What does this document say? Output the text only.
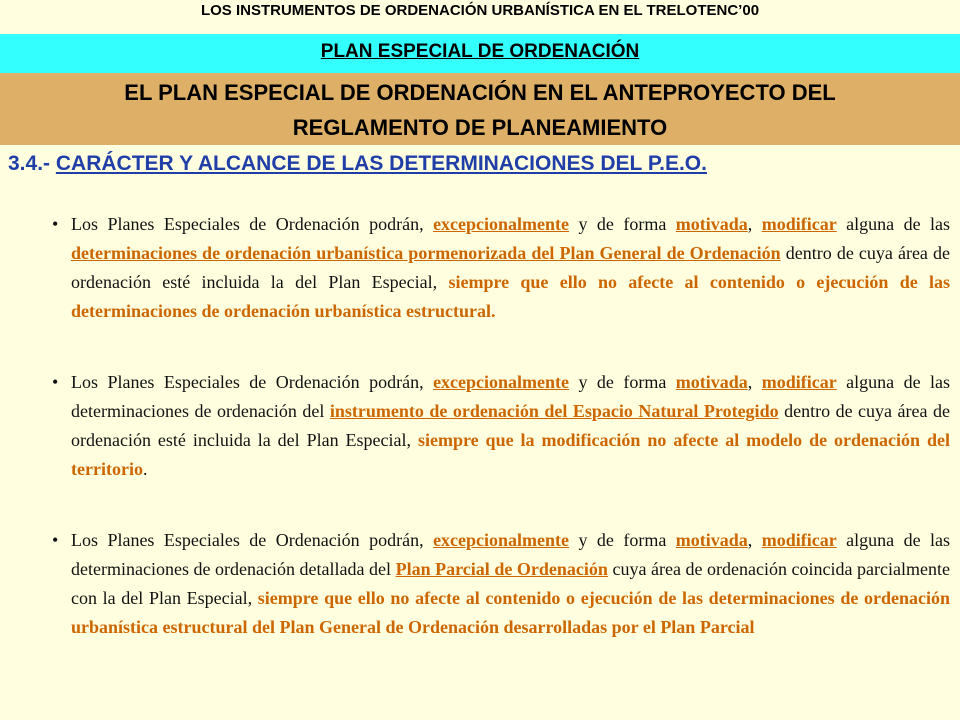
LOS INSTRUMENTOS DE ORDENACIÓN URBANÍSTICA EN EL TRELOTENC’00
PLAN ESPECIAL DE ORDENACIÓN
EL PLAN ESPECIAL DE ORDENACIÓN EN EL ANTEPROYECTO DEL
REGLAMENTO DE PLANEAMIENTO
3.4.- CARÁCTER Y ALCANCE DE LAS DETERMINACIONES DEL P.E.O.

• Los Planes Especiales de Ordenación podrán, excepcionalmente y de forma motivada, modificar alguna de las determinaciones de ordenación urbanística pormenorizada del Plan General de Ordenación dentro de cuya área de ordenación esté incluida la del Plan Especial, siempre que ello no afecte al contenido o ejecución de las determinaciones de ordenación urbanística estructural.

• Los Planes Especiales de Ordenación podrán, excepcionalmente y de forma motivada, modificar alguna de las determinaciones de ordenación del instrumento de ordenación del Espacio Natural Protegido dentro de cuya área de ordenación esté incluida la del Plan Especial, siempre que la modificación no afecte al modelo de ordenación del territorio.

• Los Planes Especiales de Ordenación podrán, excepcionalmente y de forma motivada, modificar alguna de las determinaciones de ordenación detallada del Plan Parcial de Ordenación cuya área de ordenación coincida parcialmente con la del Plan Especial, siempre que ello no afecte al contenido o ejecución de las determinaciones de ordenación urbanística estructural del Plan General de Ordenación desarrolladas por el Plan Parcial
